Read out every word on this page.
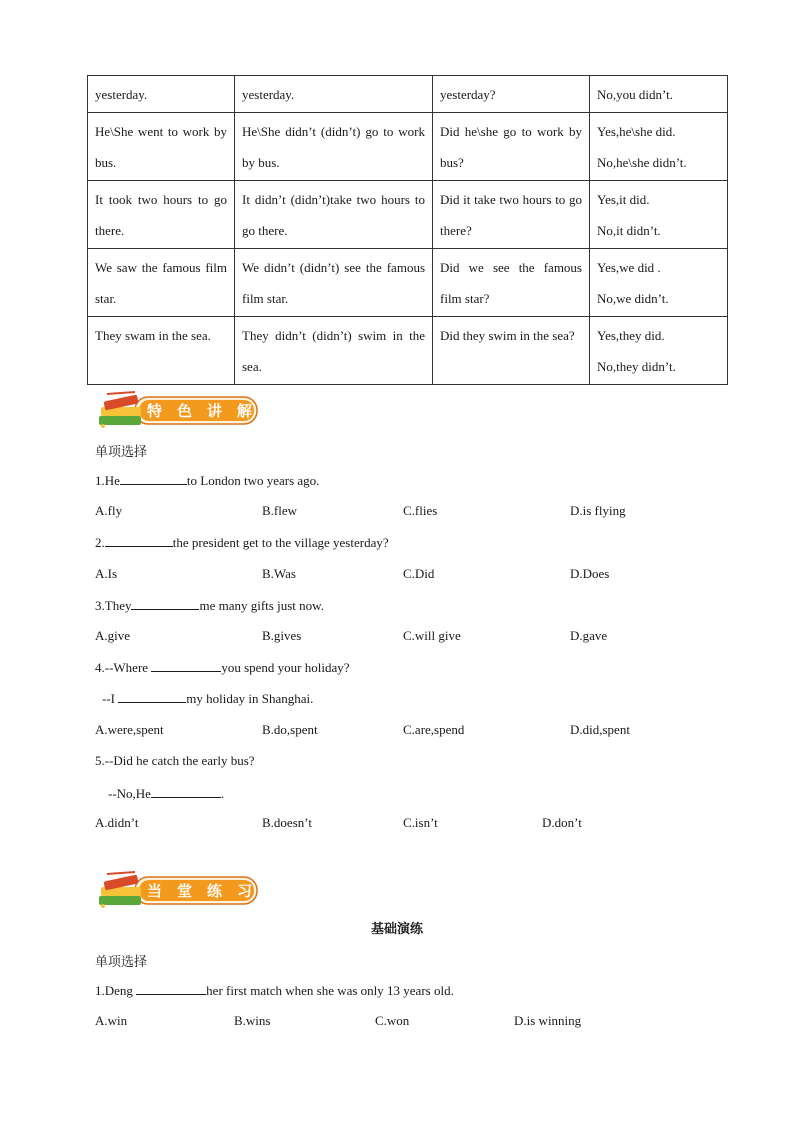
yesterday.	yesterday.	yesterday?	No,you didn’t.

He\She went to work by bus.	He\She didn’t (didn’t) go to work by bus.	Did he\she go to work by bus?	Yes,he\she did.
No,he\she didn’t.

It took two hours to go there.	It didn’t (didn’t)take two hours to go there.	Did it take two hours to go there?	Yes,it did.
No,it didn’t.

We saw the famous film star.	We didn’t (didn’t) see the famous film star.	Did we see the famous film star?	Yes,we did .
No,we didn’t.

They swam in the sea.	They didn’t (didn’t) swim in the sea.	Did they swim in the sea?	Yes,they did.
No,they didn’t.
特 色 讲 解
单项选择
1.He	to London two years ago.
A.fly	B.flew	C.flies	D.is flying
2.	the president get to the village yesterday?
A.Is	B.Was	C.Did	D.Does
3.They	me many gifts just now.
A.give	B.gives	C.will give	D.gave
4.--Where	you spend your holiday?
--I	my holiday in Shanghai.
A.were,spent	B.do,spent	C.are,spend	D.did,spent
5.--Did he catch the early bus?
--No,He	.
A.didn’t	B.doesn’t	C.isn’t	D.don’t
当 堂 练 习
基础演练
单项选择
1.Deng	her first match when she was only 13 years old.
A.win	B.wins	C.won	D.is winning
